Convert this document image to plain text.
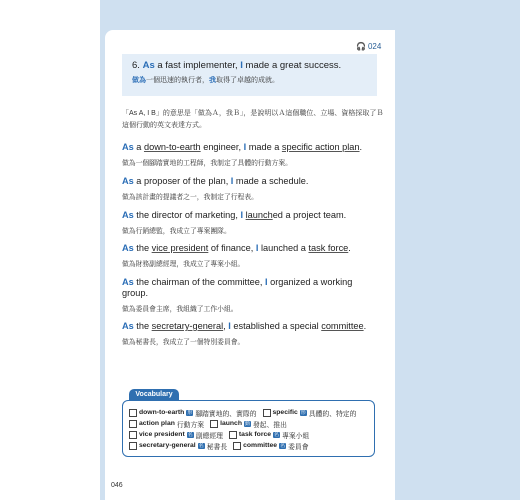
🎧 024
6. As a fast implementer, I made a great success.
做為一個迅速的執行者，我取得了卓越的成就。
「As A, I B」的意思是「做為Ａ，我Ｂ」，是說明以Ａ這個職位、立場、資格採取了Ｂ這個行動的英文表達方式。
As a down-to-earth engineer, I made a specific action plan.
做為一個腳踏實地的工程師，我制定了具體的行動方案。
As a proposer of the plan, I made a schedule.
做為該計畫的提議者之一，我制定了行程表。
As the director of marketing, I launched a project team.
做為行銷總監，我成立了專案團隊。
As the vice president of finance, I launched a task force.
做為財務副總經理，我成立了專案小組。
As the chairman of the committee, I organized a working group.
做為委員會主席，我組織了工作小組。
As the secretary-general, I established a special committee.
做為秘書長，我成立了一個特別委員會。
Vocabulary
down-to-earth 形 腳踏實地的、實際的 specific 形 具體的、特定的
action plan 行動方案 launch 動 發起、推出
vice president 名 副總經理 task force 名 專案小組
secretary-general 名 秘書長 committee 名 委員會
046
